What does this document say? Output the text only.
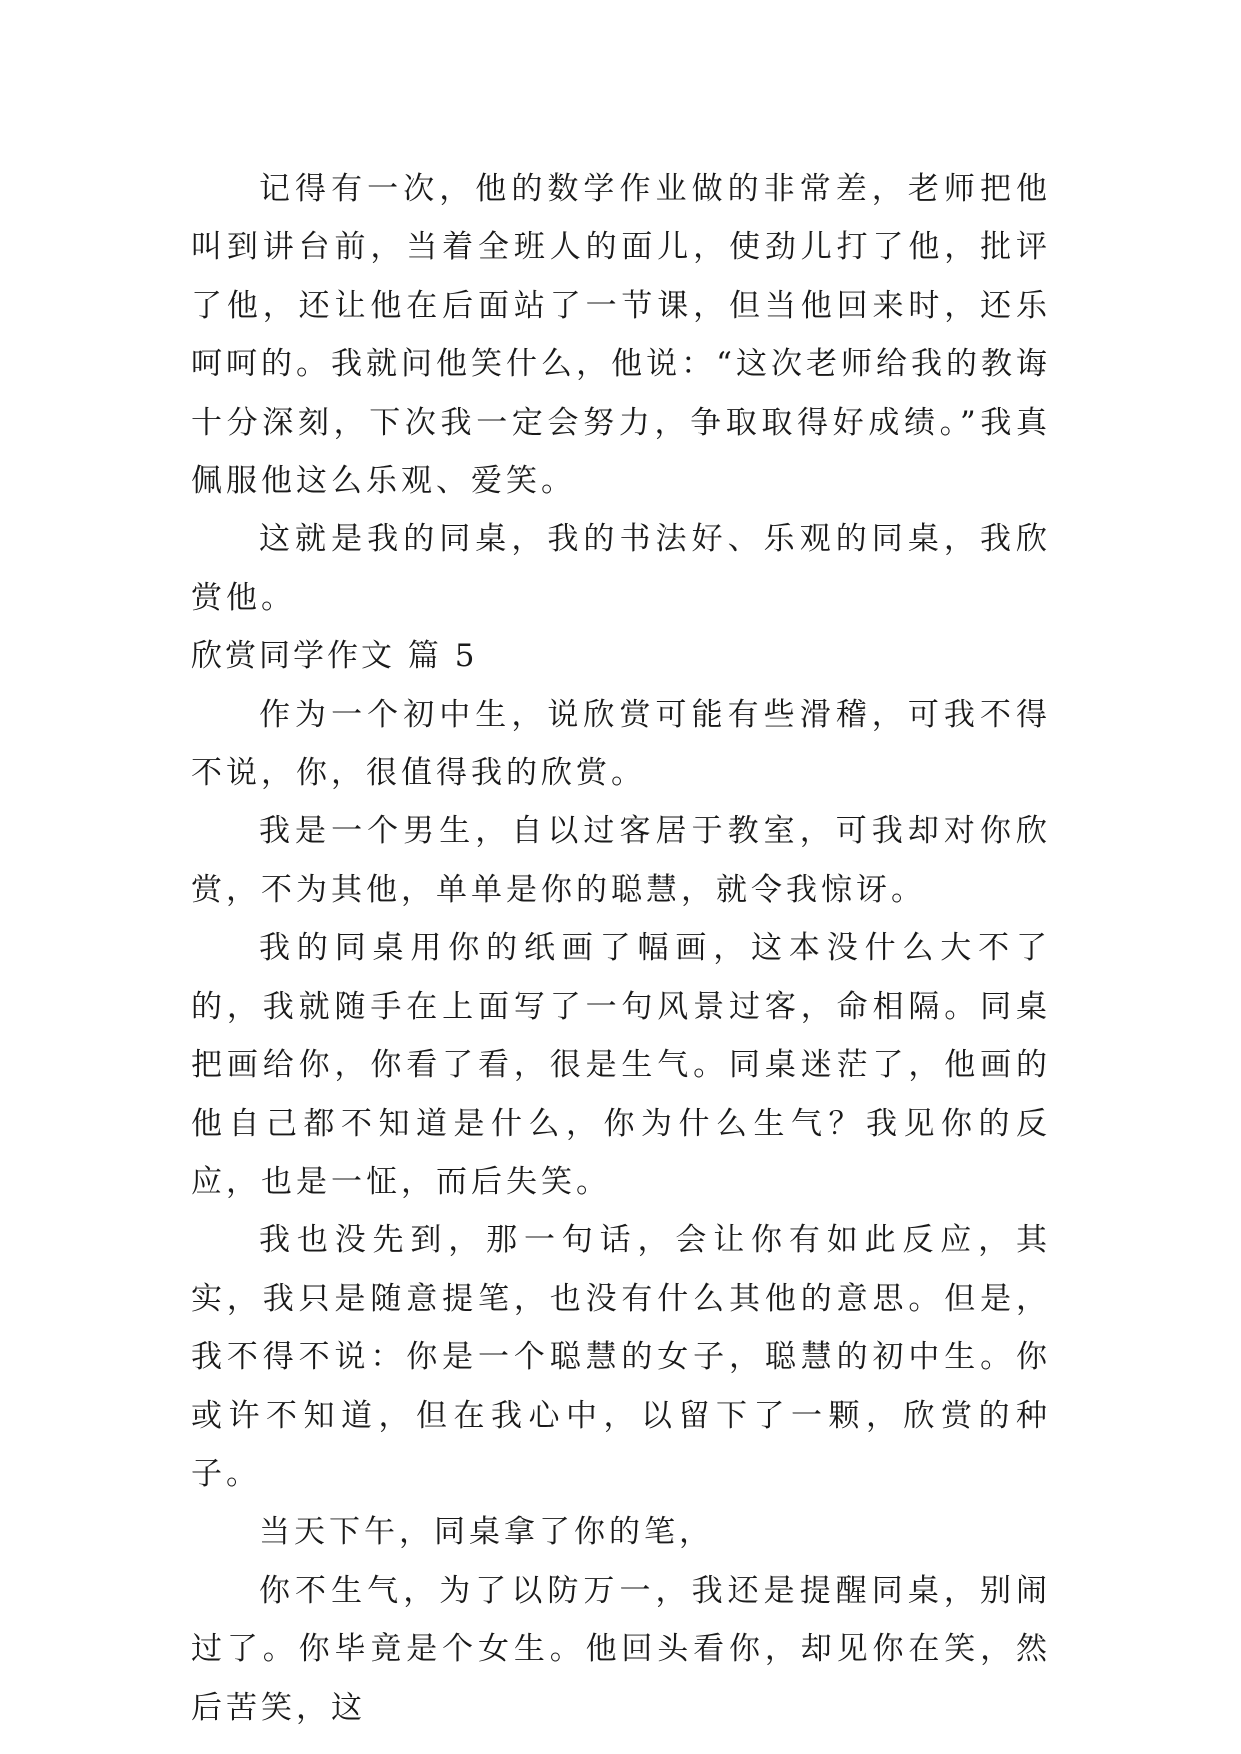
记得有一次，他的数学作业做的非常差，老师把他叫到讲台前，当着全班人的面儿，使劲儿打了他，批评了他，还让他在后面站了一节课，但当他回来时，还乐呵呵的。我就问他笑什么，他说：“这次老师给我的教诲十分深刻，下次我一定会努力，争取取得好成绩。”我真佩服他这么乐观、爱笑。

这就是我的同桌，我的书法好、乐观的同桌，我欣赏他。

欣赏同学作文 篇 5

作为一个初中生，说欣赏可能有些滑稽，可我不得不说，你，很值得我的欣赏。

我是一个男生，自以过客居于教室，可我却对你欣赏，不为其他，单单是你的聪慧，就令我惊讶。

我的同桌用你的纸画了幅画，这本没什么大不了的，我就随手在上面写了一句风景过客，命相隔。同桌把画给你，你看了看，很是生气。同桌迷茫了，他画的他自己都不知道是什么，你为什么生气？我见你的反应，也是一怔，而后失笑。

我也没先到，那一句话，会让你有如此反应，其实，我只是随意提笔，也没有什么其他的意思。但是，我不得不说：你是一个聪慧的女子，聪慧的初中生。你或许不知道，但在我心中，以留下了一颗，欣赏的种子。

当天下午，同桌拿了你的笔，

你不生气，为了以防万一，我还是提醒同桌，别闹过了。你毕竟是个女生。他回头看你，却见你在笑，然后苦笑，这
